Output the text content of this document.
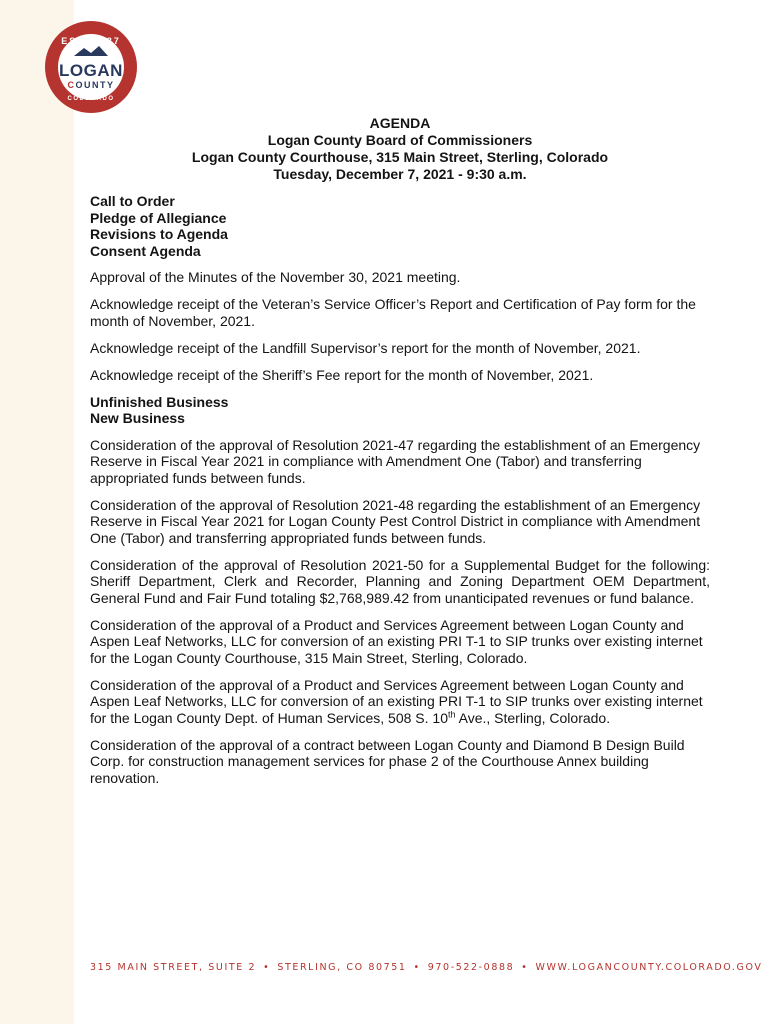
EST. 1887
LOGAN
COUNTY
COLORADO
AGENDA
Logan County Board of Commissioners
Logan County Courthouse, 315 Main Street, Sterling, Colorado
Tuesday, December 7, 2021 - 9:30 a.m.
Call to Order
Pledge of Allegiance
Revisions to Agenda
Consent Agenda

Approval of the Minutes of the November 30, 2021 meeting.

Acknowledge receipt of the Veteran’s Service Officer’s Report and Certification of Pay form for the month of November, 2021.

Acknowledge receipt of the Landfill Supervisor’s report for the month of November, 2021.

Acknowledge receipt of the Sheriff’s Fee report for the month of November, 2021.

Unfinished Business
New Business

Consideration of the approval of Resolution 2021-47 regarding the establishment of an Emergency Reserve in Fiscal Year 2021 in compliance with Amendment One (Tabor) and transferring appropriated funds between funds.

Consideration of the approval of Resolution 2021-48 regarding the establishment of an Emergency Reserve in Fiscal Year 2021 for Logan County Pest Control District in compliance with Amendment One (Tabor) and transferring appropriated funds between funds.

Consideration of the approval of Resolution 2021-50 for a Supplemental Budget for the following: Sheriff Department, Clerk and Recorder, Planning and Zoning Department OEM Department, General Fund and Fair Fund totaling $2,768,989.42 from unanticipated revenues or fund balance.

Consideration of the approval of a Product and Services Agreement between Logan County and Aspen Leaf Networks, LLC for conversion of an existing PRI T-1 to SIP trunks over existing internet for the Logan County Courthouse, 315 Main Street, Sterling, Colorado.

Consideration of the approval of a Product and Services Agreement between Logan County and Aspen Leaf Networks, LLC for conversion of an existing PRI T-1 to SIP trunks over existing internet for the Logan County Dept. of Human Services, 508 S. 10th Ave., Sterling, Colorado.

Consideration of the approval of a contract between Logan County and Diamond B Design Build Corp. for construction management services for phase 2 of the Courthouse Annex building renovation.

315 MAIN STREET, SUITE 2 • STERLING, CO 80751 • 970-522-0888 • WWW.LOGANCOUNTY.COLORADO.GOV
